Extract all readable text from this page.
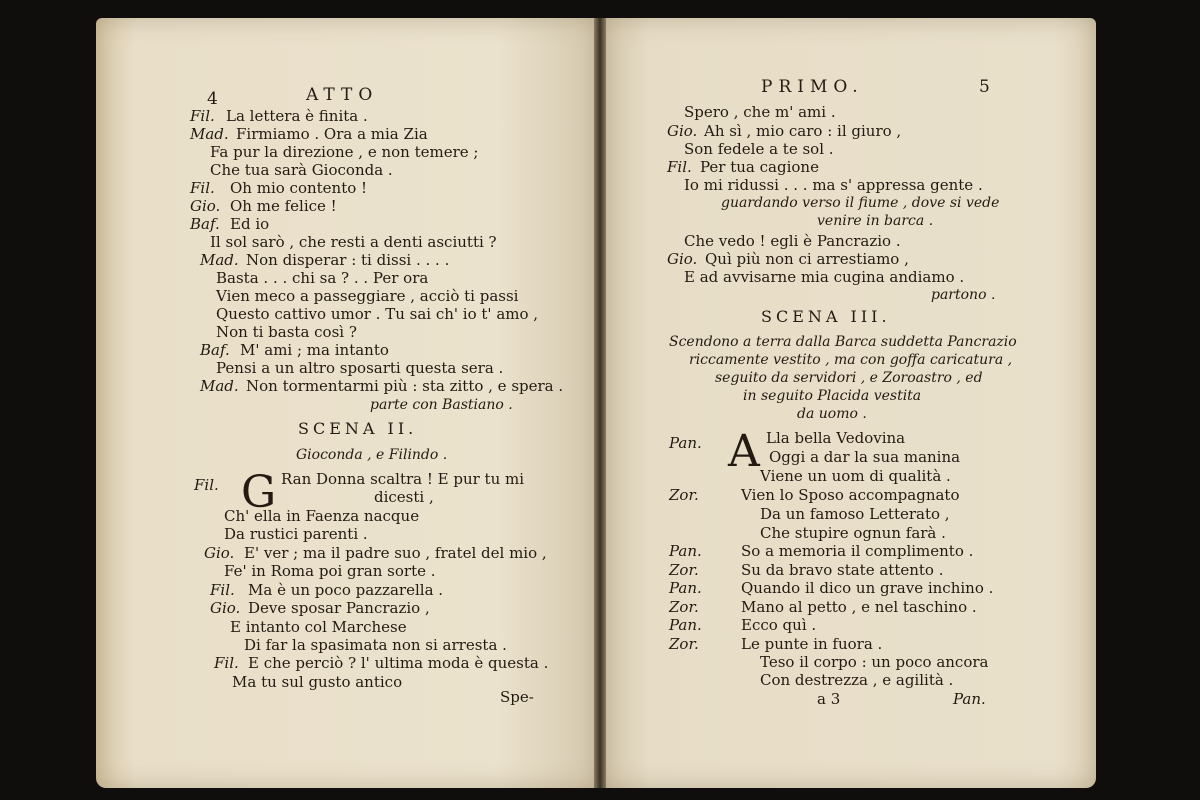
4	ATTO
Fil. La lettera è finita .
Mad. Firmiamo . Ora a mia Zia
Fa pur la direzione , e non temere ;
Che tua sarà Gioconda .
Fil. Oh mio contento !
Gio. Oh me felice !
Baf. Ed io
Il sol sarò , che resti a denti asciutti ?
Mad. Non disperar : ti dissi . . . .
Basta . . . chi sa ? . . Per ora
Vien meco a passeggiare , acciò ti passi
Questo cattivo umor . Tu sai ch' io t' amo ,
Non ti basta così ?
Baf. M' ami ; ma intanto
Pensi a un altro sposarti questa sera .
Mad. Non tormentarmi più : sta zitto , e spera .
parte con Bastiano .
SCENA II.
Gioconda , e Filindo .
G
Fil.	Ran Donna scaltra ! E pur tu mi
dicesti ,
Ch' ella in Faenza nacque
Da rustici parenti .
Gio. E' ver ; ma il padre suo , fratel del mio ,
Fe' in Roma poi gran sorte .
Fil. Ma è un poco pazzarella .
Gio. Deve sposar Pancrazio ,
E intanto col Marchese
Di far la spasimata non si arresta .
Fil. E che perciò ? l' ultima moda è questa .
Ma tu sul gusto antico
Spe-
PRIMO.	5
Spero , che m' ami .
Gio. Ah sì , mio caro : il giuro ,
Son fedele a te sol .
Fil. Per tua cagione
Io mi ridussi . . . ma s' appressa gente .
guardando verso il fiume , dove si vede
venire in barca .
Che vedo ! egli è Pancrazio .
Gio. Quì più non ci arrestiamo ,
E ad avvisarne mia cugina andiamo .
partono .
SCENA III.
Scendono a terra dalla Barca suddetta Pancrazio
riccamente vestito , ma con goffa caricatura ,
seguito da servidori , e Zoroastro , ed
in seguito Placida vestita
da uomo .
A
Pan.	Lla bella Vedovina
Oggi a dar la sua manina
Viene un uom di qualità .
Zor.	Vien lo Sposo accompagnato
Da un famoso Letterato ,
Che stupire ognun farà .
Pan.	So a memoria il complimento .
Zor.	Su da bravo state attento .
Pan.	Quando il dico un grave inchino .
Zor.	Mano al petto , e nel taschino .
Pan.	Ecco quì .
Zor.	Le punte in fuora .
Teso il corpo : un poco ancora
Con destrezza , e agilità .
a 3	Pan.
